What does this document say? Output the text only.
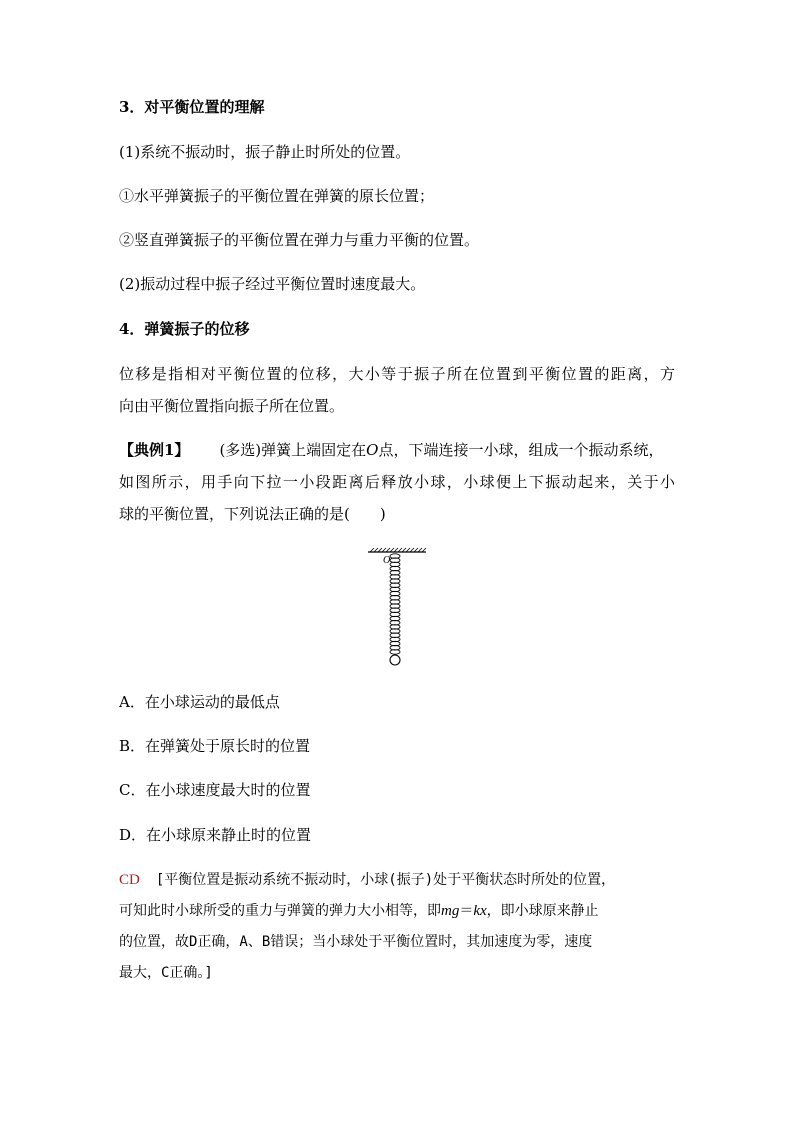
3．对平衡位置的理解
(1)系统不振动时，振子静止时所处的位置。
①水平弹簧振子的平衡位置在弹簧的原长位置；
②竖直弹簧振子的平衡位置在弹力与重力平衡的位置。
(2)振动过程中振子经过平衡位置时速度最大。
4．弹簧振子的位移
位移是指相对平衡位置的位移，大小等于振子所在位置到平衡位置的距离，方
向由平衡位置指向振子所在位置。
【典例1】 (多选)弹簧上端固定在O点，下端连接一小球，组成一个振动系统，
如图所示，用手向下拉一小段距离后释放小球，小球便上下振动起来，关于小
球的平衡位置，下列说法正确的是(　　)
O
A．在小球运动的最低点
B．在弹簧处于原长时的位置
C．在小球速度最大时的位置
D．在小球原来静止时的位置
CD [平衡位置是振动系统不振动时，小球(振子)处于平衡状态时所处的位置，
可知此时小球所受的重力与弹簧的弹力大小相等，即mg＝kx，即小球原来静止
的位置，故D正确，A、B错误；当小球处于平衡位置时，其加速度为零，速度
最大，C正确。]
